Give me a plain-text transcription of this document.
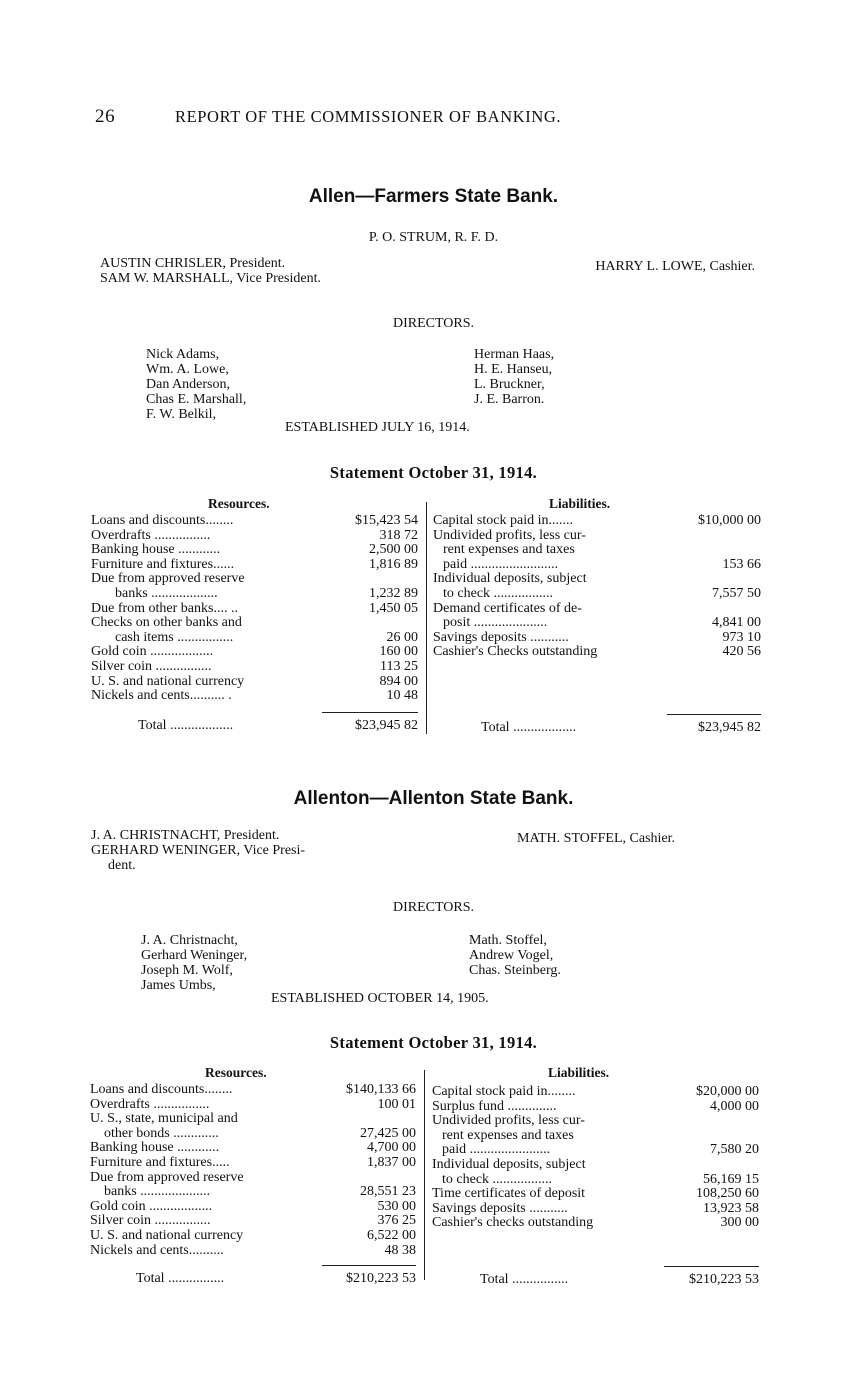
26	REPORT OF THE COMMISSIONER OF BANKING.
Allen—Farmers State Bank.
P. O. STRUM, R. F. D.
AUSTIN CHRISLER, President.
SAM W. MARSHALL, Vice President.
HARRY L. LOWE, Cashier.
DIRECTORS.
Nick Adams,
Wm. A. Lowe,
Dan Anderson,
Chas E. Marshall,
F. W. Belkil,
Herman Haas,
H. E. Hanseu,
L. Bruckner,
J. E. Barron.
ESTABLISHED JULY 16, 1914.
Statement October 31, 1914.
Resources.	Liabilities.
Loans and discounts........	$15,423 54
Overdrafts ................	318 72
Banking house ............	2,500 00
Furniture and fixtures......	1,816 89
Due from approved reserve
banks ...................	1,232 89
Due from other banks.... ..	1,450 05
Checks on other banks and
cash items ................	26 00
Gold coin ..................	160 00
Silver coin ................	113 25
U. S. and national currency	894 00
Nickels and cents.......... .	10 48
Total ..................	$23,945 82
Capital stock paid in.......	$10,000 00
Undivided profits, less cur-
rent expenses and taxes
paid .........................	153 66
Individual deposits, subject
to check .................	7,557 50
Demand certificates of de-
posit .....................	4,841 00
Savings deposits ...........	973 10
Cashier's Checks outstanding	420 56
Total ..................	$23,945 82
Allenton—Allenton State Bank.
J. A. CHRISTNACHT, President.
GERHARD WENINGER, Vice Presi-
dent.
MATH. STOFFEL, Cashier.
DIRECTORS.
J. A. Christnacht,
Gerhard Weninger,
Joseph M. Wolf,
James Umbs,
Math. Stoffel,
Andrew Vogel,
Chas. Steinberg.
ESTABLISHED OCTOBER 14, 1905.
Statement October 31, 1914.
Resources.	Liabilities.
Loans and discounts........	$140,133 66
Overdrafts ................	100 01
U. S., state, municipal and
other bonds .............	27,425 00
Banking house ............	4,700 00
Furniture and fixtures.....	1,837 00
Due from approved reserve
banks ....................	28,551 23
Gold coin ..................	530 00
Silver coin ................	376 25
U. S. and national currency	6,522 00
Nickels and cents..........	48 38
Total ................	$210,223 53
Capital stock paid in........	$20,000 00
Surplus fund ..............	4,000 00
Undivided profits, less cur-
rent expenses and taxes
paid .......................	7,580 20
Individual deposits, subject
to check .................	56,169 15
Time certificates of deposit	108,250 60
Savings deposits ...........	13,923 58
Cashier's checks outstanding	300 00
Total ................	$210,223 53
